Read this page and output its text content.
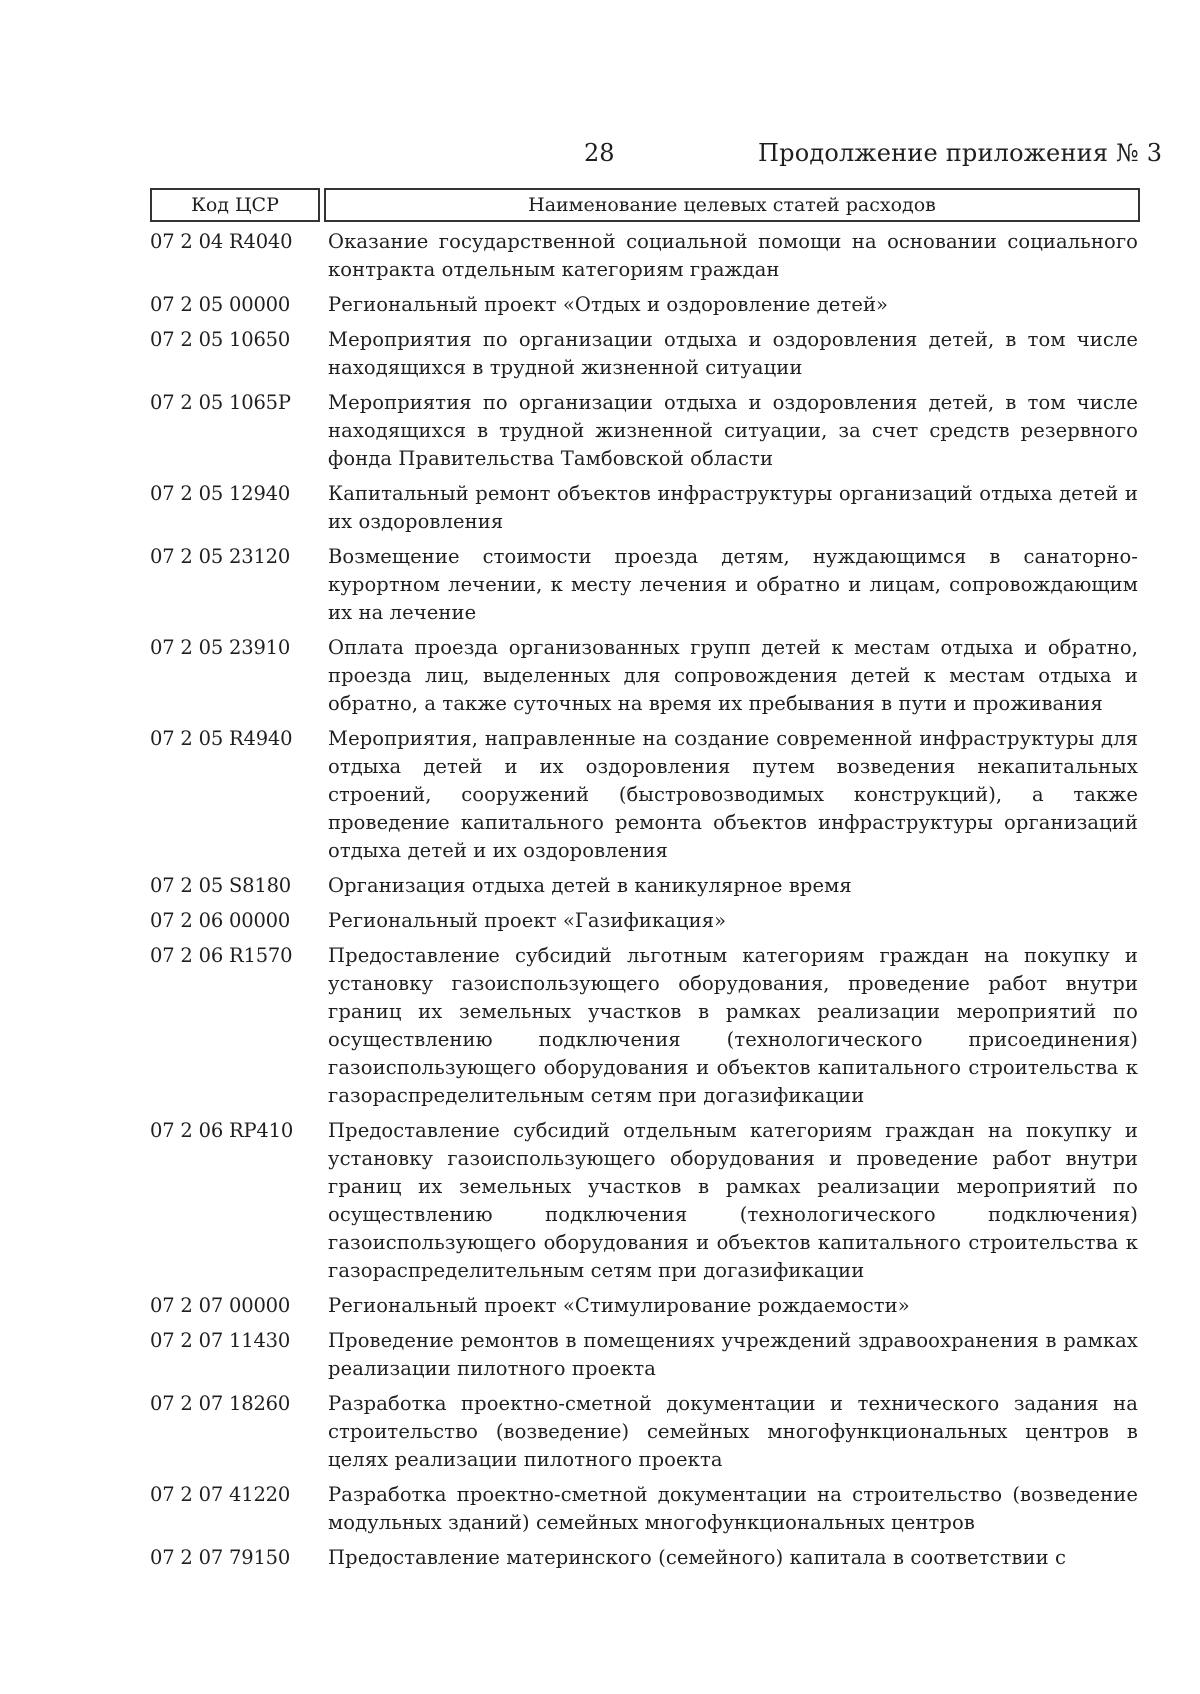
28	Продолжение приложения № 3
Код ЦСР	Наименование целевых статей расходов
07 2 04 R4040	Оказание государственной социальной помощи на основании социального контракта отдельным категориям граждан
07 2 05 00000	Региональный проект «Отдых и оздоровление детей»
07 2 05 10650	Мероприятия по организации отдыха и оздоровления детей, в том числе находящихся в трудной жизненной ситуации
07 2 05 1065P	Мероприятия по организации отдыха и оздоровления детей, в том числе находящихся в трудной жизненной ситуации, за счет средств резервного фонда Правительства Тамбовской области
07 2 05 12940	Капитальный ремонт объектов инфраструктуры организаций отдыха детей и их оздоровления
07 2 05 23120	Возмещение стоимости проезда детям, нуждающимся в санаторно-курортном лечении, к месту лечения и обратно и лицам, сопровождающим их на лечение
07 2 05 23910	Оплата проезда организованных групп детей к местам отдыха и обратно, проезда лиц, выделенных для сопровождения детей к местам отдыха и обратно, а также суточных на время их пребывания в пути и проживания
07 2 05 R4940	Мероприятия, направленные на создание современной инфраструктуры для отдыха детей и их оздоровления путем возведения некапитальных строений, сооружений (быстровозводимых конструкций), а также проведение капитального ремонта объектов инфраструктуры организаций отдыха детей и их оздоровления
07 2 05 S8180	Организация отдыха детей в каникулярное время
07 2 06 00000	Региональный проект «Газификация»
07 2 06 R1570	Предоставление субсидий льготным категориям граждан на покупку и установку газоиспользующего оборудования, проведение работ внутри границ их земельных участков в рамках реализации мероприятий по осуществлению подключения (технологического присоединения) газоиспользующего оборудования и объектов капитального строительства к газораспределительным сетям при догазификации
07 2 06 RP410	Предоставление субсидий отдельным категориям граждан на покупку и установку газоиспользующего оборудования и проведение работ внутри границ их земельных участков в рамках реализации мероприятий по осуществлению подключения (технологического подключения) газоиспользующего оборудования и объектов капитального строительства к газораспределительным сетям при догазификации
07 2 07 00000	Региональный проект «Стимулирование рождаемости»
07 2 07 11430	Проведение ремонтов в помещениях учреждений здравоохранения в рамках реализации пилотного проекта
07 2 07 18260	Разработка проектно-сметной документации и технического задания на строительство (возведение) семейных многофункциональных центров в целях реализации пилотного проекта
07 2 07 41220	Разработка проектно-сметной документации на строительство (возведение модульных зданий) семейных многофункциональных центров
07 2 07 79150	Предоставление материнского (семейного) капитала в соответствии с
